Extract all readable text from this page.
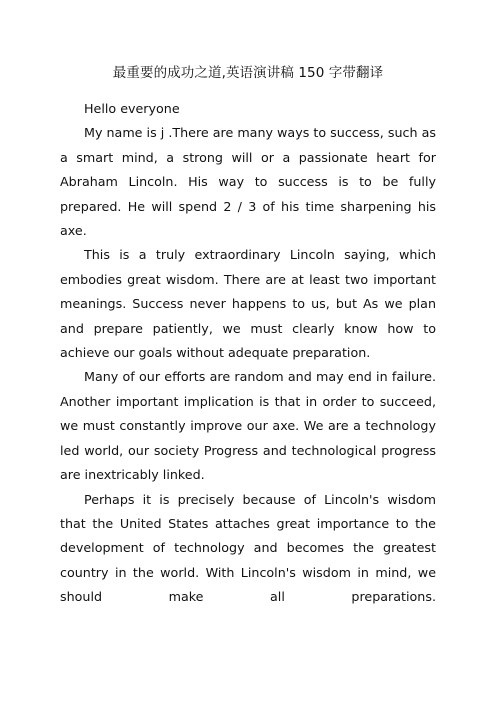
最重要的成功之道,英语演讲稿 150 字带翻译

Hello everyone

My name is j .There are many ways to success, such as a smart mind, a strong will or a passionate heart for Abraham Lincoln. His way to success is to be fully prepared. He will spend 2 / 3 of his time sharpening his axe.

This is a truly extraordinary Lincoln saying, which embodies great wisdom. There are at least two important meanings. Success never happens to us, but As we plan and prepare patiently, we must clearly know how to achieve our goals without adequate preparation.

Many of our efforts are random and may end in failure. Another important implication is that in order to succeed, we must constantly improve our axe. We are a technology led world, our society Progress and technological progress are inextricably linked.

Perhaps it is precisely because of Lincoln's wisdom that the United States attaches great importance to the development of technology and becomes the greatest country in the world. With Lincoln's wisdom in mind, we should make all preparations.
